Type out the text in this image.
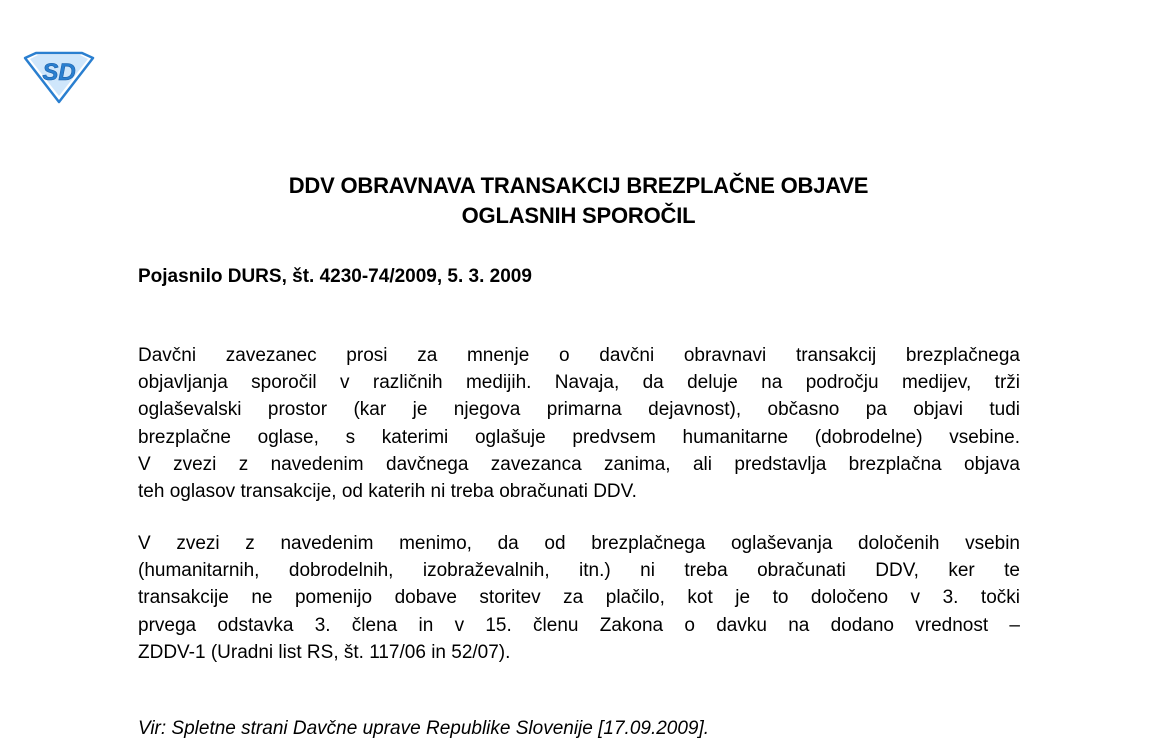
SD
DDV OBRAVNAVA TRANSAKCIJ BREZPLAČNE OBJAVE
OGLASNIH SPOROČIL
Pojasnilo DURS, št. 4230-74/2009, 5. 3. 2009
Davčni zavezanec prosi za mnenje o davčni obravnavi transakcij brezplačnega
objavljanja sporočil v različnih medijih. Navaja, da deluje na področju medijev, trži
oglaševalski prostor (kar je njegova primarna dejavnost), občasno pa objavi tudi
brezplačne oglase, s katerimi oglašuje predvsem humanitarne (dobrodelne) vsebine.
V zvezi z navedenim davčnega zavezanca zanima, ali predstavlja brezplačna objava
teh oglasov transakcije, od katerih ni treba obračunati DDV.
V zvezi z navedenim menimo, da od brezplačnega oglaševanja določenih vsebin
(humanitarnih, dobrodelnih, izobraževalnih, itn.) ni treba obračunati DDV, ker te
transakcije ne pomenijo dobave storitev za plačilo, kot je to določeno v 3. točki
prvega odstavka 3. člena in v 15. členu Zakona o davku na dodano vrednost –
ZDDV-1 (Uradni list RS, št. 117/06 in 52/07).
Vir: Spletne strani Davčne uprave Republike Slovenije [17.09.2009].
